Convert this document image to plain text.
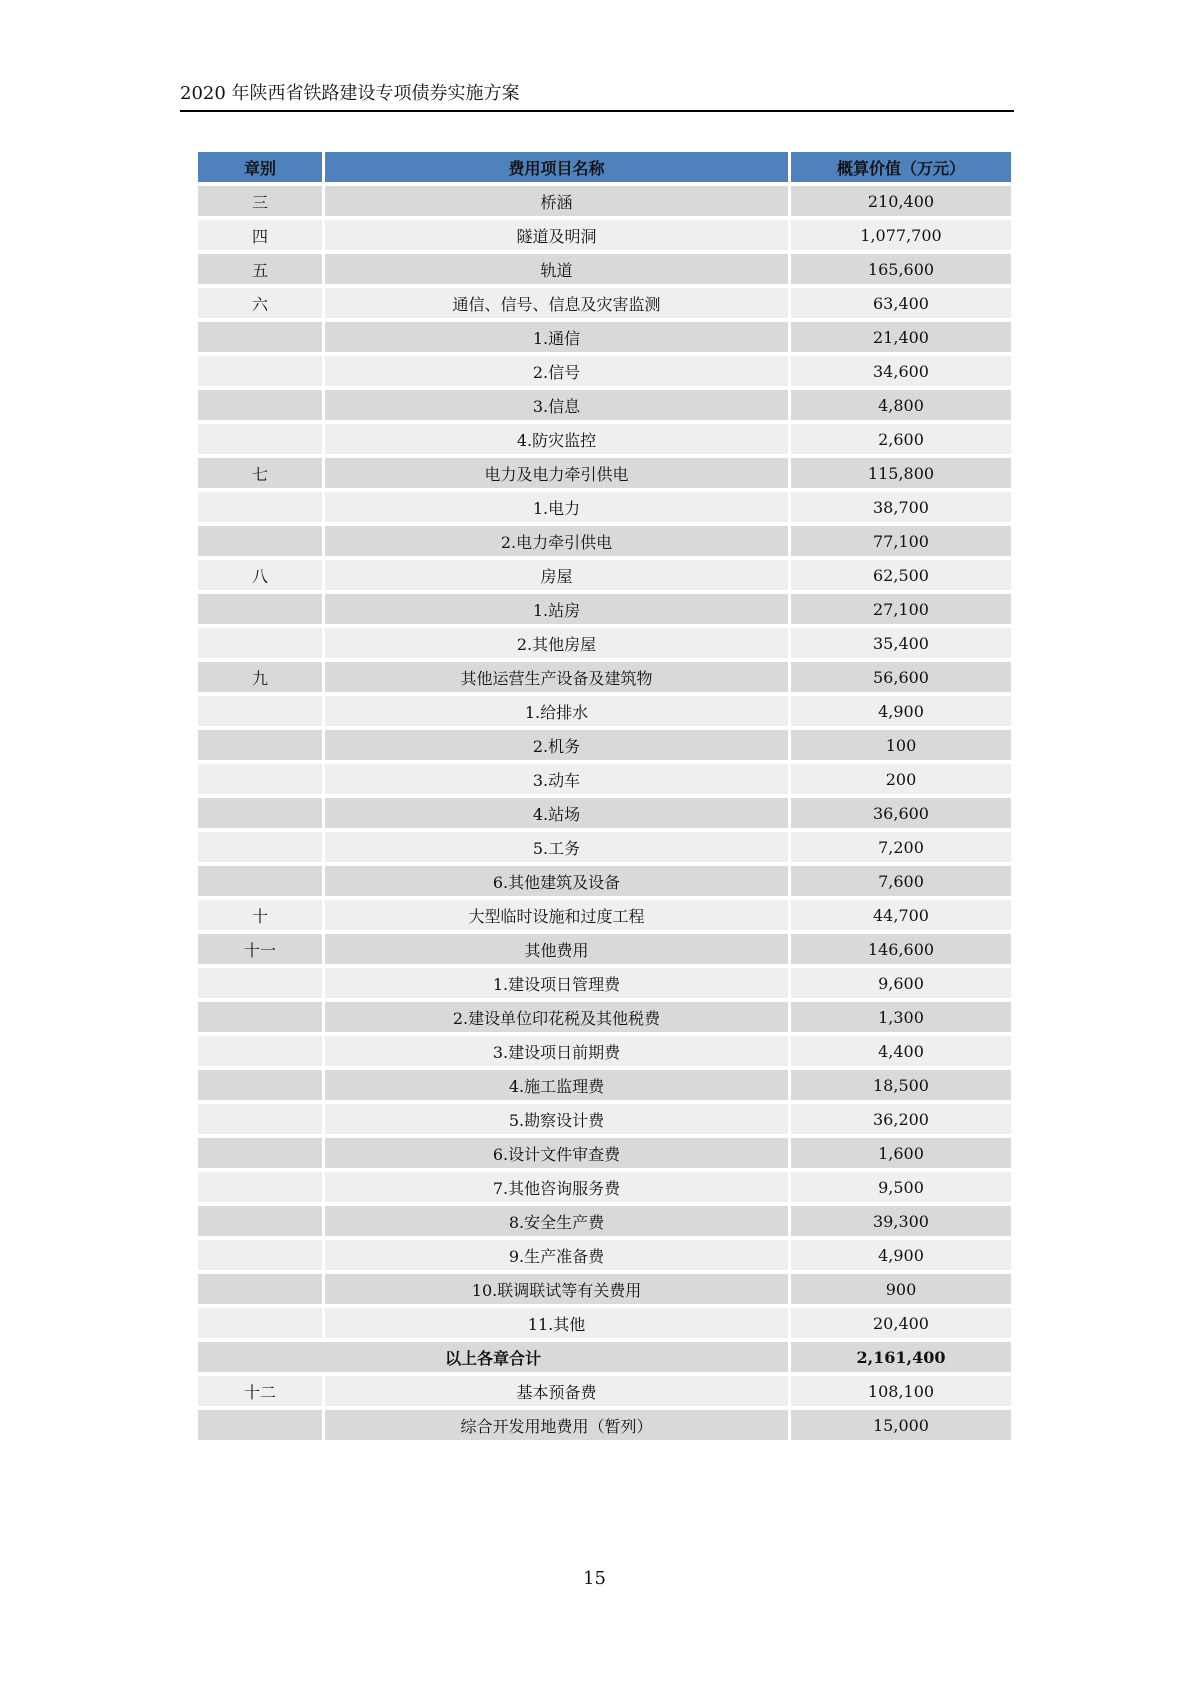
2020 年陕西省铁路建设专项债券实施方案
章别	费用项目名称	概算价值（万元）
三	桥涵	210,400
四	隧道及明洞	1,077,700
五	轨道	165,600
六	通信、信号、信息及灾害监测	63,400
	1.通信	21,400
	2.信号	34,600
	3.信息	4,800
	4.防灾监控	2,600
七	电力及电力牵引供电	115,800
	1.电力	38,700
	2.电力牵引供电	77,100
八	房屋	62,500
	1.站房	27,100
	2.其他房屋	35,400
九	其他运营生产设备及建筑物	56,600
	1.给排水	4,900
	2.机务	100
	3.动车	200
	4.站场	36,600
	5.工务	7,200
	6.其他建筑及设备	7,600
十	大型临时设施和过度工程	44,700
十一	其他费用	146,600
	1.建设项日管理费	9,600
	2.建设单位印花税及其他税费	1,300
	3.建设项日前期费	4,400
	4.施工监理费	18,500
	5.勘察设计费	36,200
	6.设计文件审查费	1,600
	7.其他咨询服务费	9,500
	8.安全生产费	39,300
	9.生产准备费	4,900
	10.联调联试等有关费用	900
	11.其他	20,400
以上各章合计		2,161,400
十二	基本预备费	108,100
	综合开发用地费用（暂列）	15,000
15
